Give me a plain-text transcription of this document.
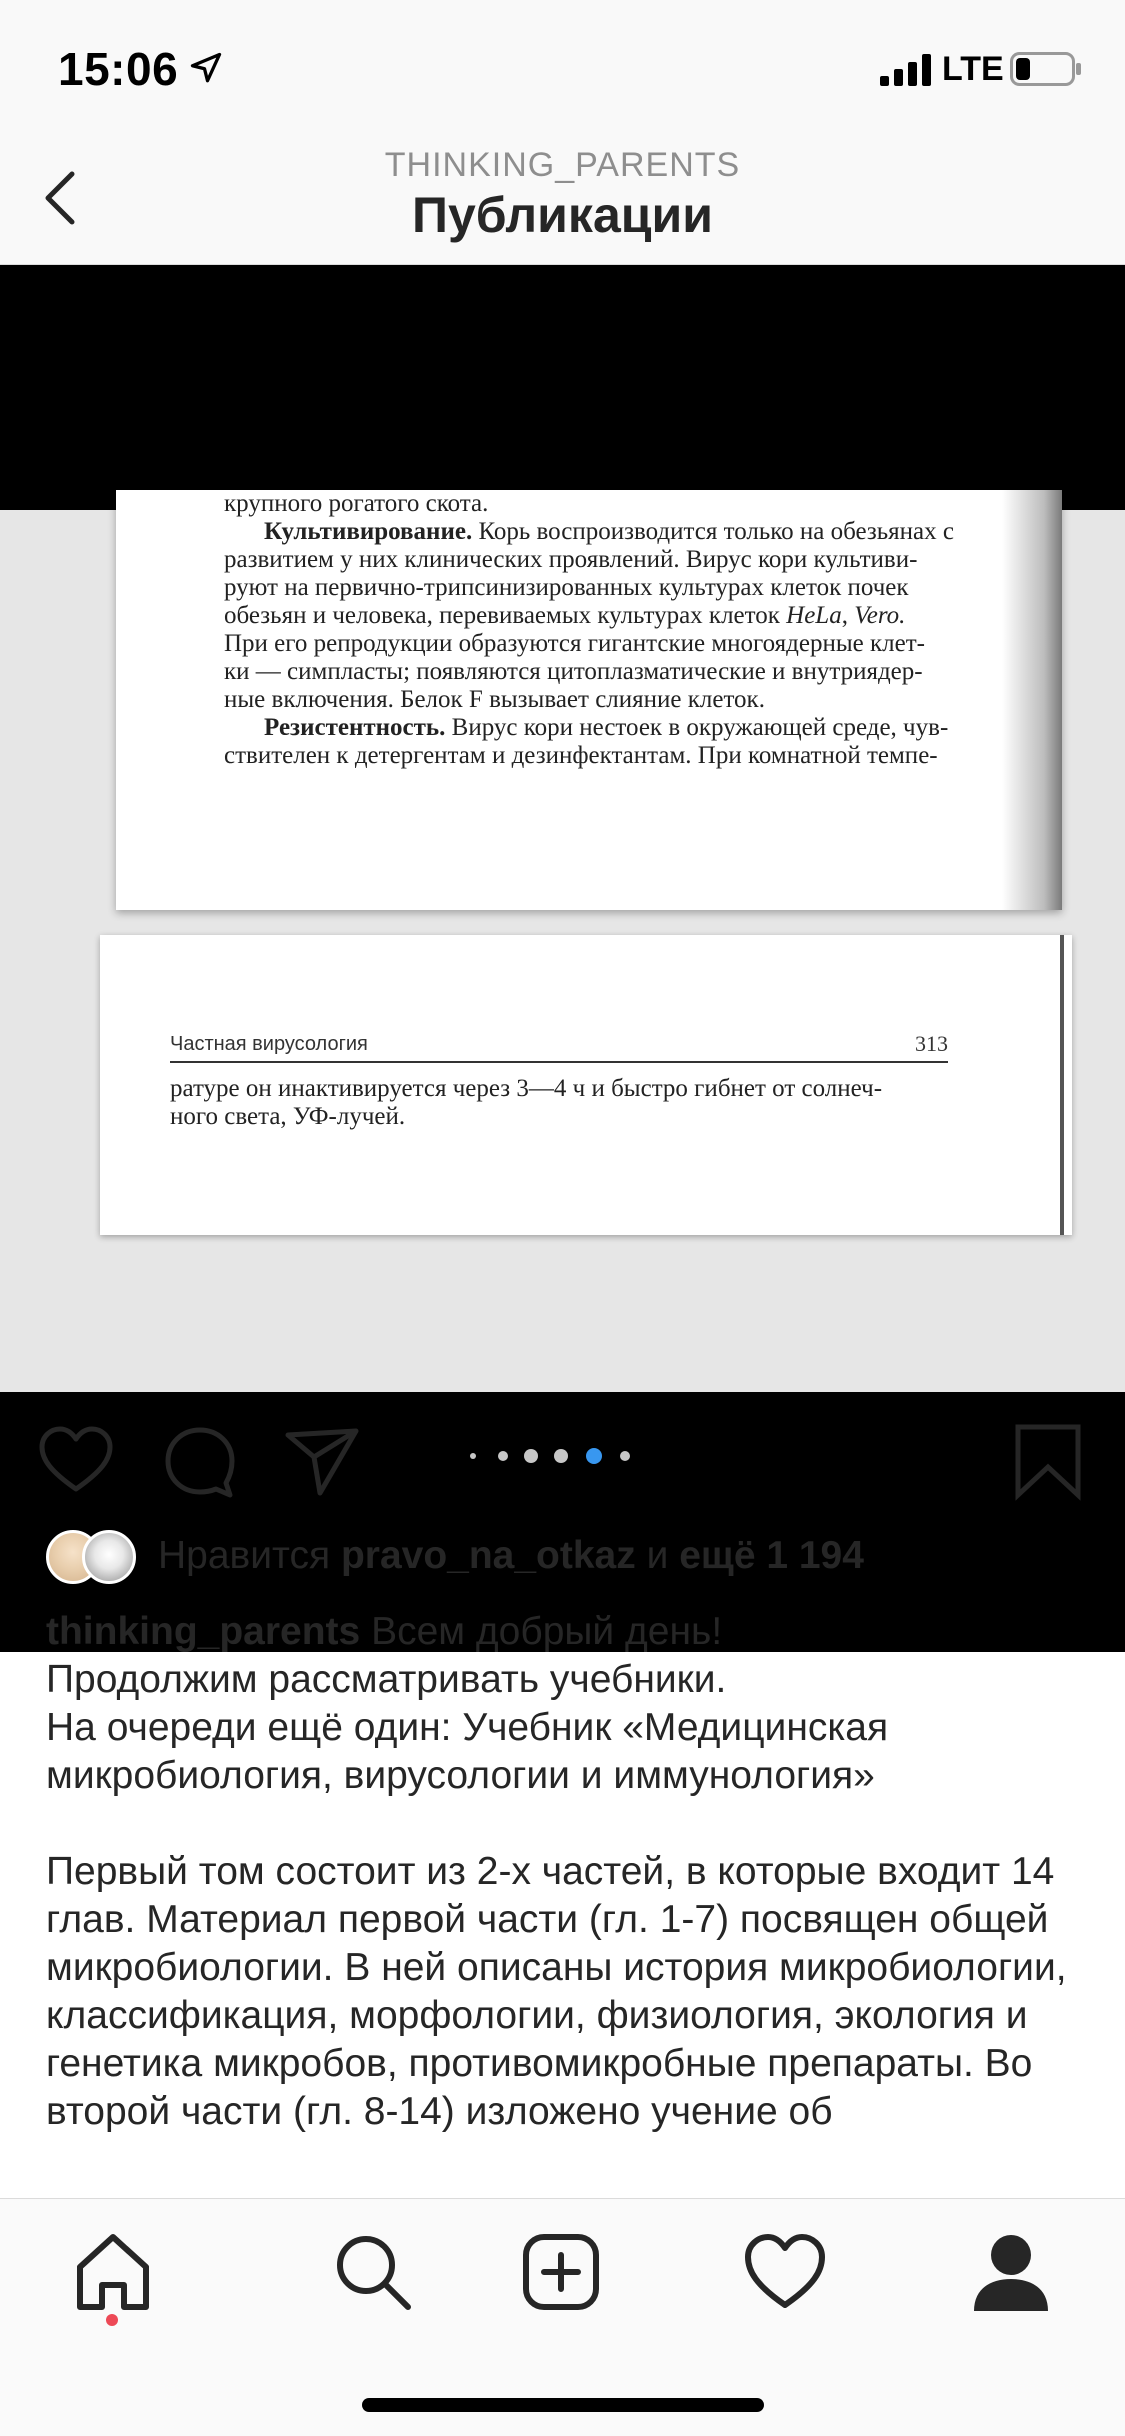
15:06	LTE
THINKING_PARENTS
Публикации
крупного рогатого скота.
Культивирование. Корь воспроизводится только на обезьянах с
развитием у них клинических проявлений. Вирус кори культиви-
руют на первично-трипсинизированных культурах клеток почек
обезьян и человека, перевиваемых культурах клеток HeLa, Vero.
При его репродукции образуются гигантские многоядерные клет-
ки — симпласты; появляются цитоплазматические и внутриядер-
ные включения. Белок F вызывает слияние клеток.
Резистентность. Вирус кори нестоек в окружающей среде, чув-
ствителен к детергентам и дезинфектантам. При комнатной темпе-
Частная вирусология	313
ратуре он инактивируется через 3—4 ч и быстро гибнет от солнеч-
ного света, УФ-лучей.
Нравится pravo_na_otkaz и ещё 1 194

thinking_parents Всем добрый день!

Продолжим рассматривать учебники.

На очереди ещё один: Учебник «Медицинская микробиология, вирусологии и иммунология»

Первый том состоит из 2-х частей, в которые входит 14 глав. Материал первой части (гл. 1-7) посвящен общей микробиологии. В ней описаны история микробиологии, классификация, морфологии, физиология, экология и генетика микробов, противомикробные препараты. Во второй части (гл. 8-14) изложено учение об
